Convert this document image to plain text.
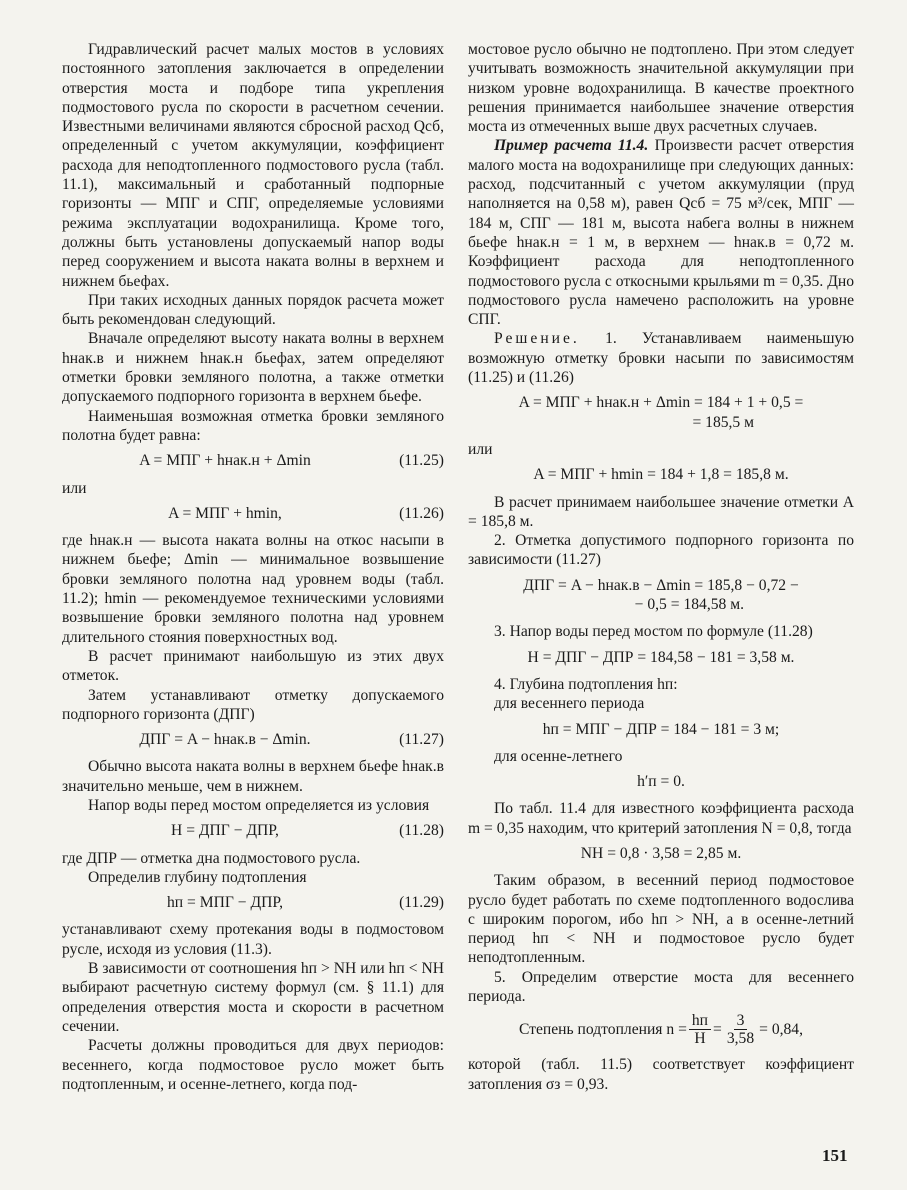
Гидравлический расчет малых мостов в условиях постоянного затопления заключается в определении отверстия моста и подборе типа укрепления подмостового русла по скорости в расчетном сечении. Известными величинами являются сбросной расход Qсб, определенный с учетом аккумуляции, коэффициент расхода для неподтопленного подмостового русла (табл. 11.1), максимальный и сработанный подпорные горизонты — МПГ и СПГ, определяемые условиями режима эксплуатации водохранилища. Кроме того, должны быть установлены допускаемый напор воды перед сооружением и высота наката волны в верхнем и нижнем бьефах.

При таких исходных данных порядок расчета может быть рекомендован следующий.

Вначале определяют высоту наката волны в верхнем hнак.в и нижнем hнак.н бьефах, затем определяют отметки бровки земляного полотна, а также отметки допускаемого подпорного горизонта в верхнем бьефе.

Наименьшая возможная отметка бровки земляного полотна будет равна:

A = МПГ + hнак.н + Δmin	(11.25)

или

A = МПГ + hmin,	(11.26)

где hнак.н — высота наката волны на откос насыпи в нижнем бьефе; Δmin — минимальное возвышение бровки земляного полотна над уровнем воды (табл. 11.2); hmin — рекомендуемое техническими условиями возвышение бровки земляного полотна над уровнем длительного стояния поверхностных вод.

В расчет принимают наибольшую из этих двух отметок.

Затем устанавливают отметку допускаемого подпорного горизонта (ДПГ)

ДПГ = A − hнак.в − Δmin.	(11.27)

Обычно высота наката волны в верхнем бьефе hнак.в значительно меньше, чем в нижнем.

Напор воды перед мостом определяется из условия

H = ДПГ − ДПР,	(11.28)

где ДПР — отметка дна подмостового русла.

Определив глубину подтопления

hп = МПГ − ДПР,	(11.29)

устанавливают схему протекания воды в подмостовом русле, исходя из условия (11.3).

В зависимости от соотношения hп > NH или hп < NH выбирают расчетную систему формул (см. § 11.1) для определения отверстия моста и скорости в расчетном сечении.

Расчеты должны проводиться для двух периодов: весеннего, когда подмостовое русло может быть подтопленным, и осенне-летнего, когда под-

мостовое русло обычно не подтоплено. При этом следует учитывать возможность значительной аккумуляции при низком уровне водохранилища. В качестве проектного решения принимается наибольшее значение отверстия моста из отмеченных выше двух расчетных случаев.

Пример расчета 11.4. Произвести расчет отверстия малого моста на водохранилище при следующих данных: расход, подсчитанный с учетом аккумуляции (пруд наполняется на 0,58 м), равен Qсб = 75 м³/сек, МПГ — 184 м, СПГ — 181 м, высота набега волны в нижнем бьефе hнак.н = 1 м, в верхнем — hнак.в = 0,72 м. Коэффициент расхода для неподтопленного подмостового русла с откосными крыльями m = 0,35. Дно подмостового русла намечено расположить на уровне СПГ.

Решение. 1. Устанавливаем наименьшую возможную отметку бровки насыпи по зависимостям (11.25) и (11.26)

A = МПГ + hнак.н + Δmin = 184 + 1 + 0,5 =
= 185,5 м

или

A = МПГ + hmin = 184 + 1,8 = 185,8 м.

В расчет принимаем наибольшее значение отметки A = 185,8 м.

2. Отметка допустимого подпорного горизонта по зависимости (11.27)

ДПГ = A − hнак.в − Δmin = 185,8 − 0,72 −
− 0,5 = 184,58 м.

3. Напор воды перед мостом по формуле (11.28)

H = ДПГ − ДПР = 184,58 − 181 = 3,58 м.

4. Глубина подтопления hп:

для весеннего периода

hп = МПГ − ДПР = 184 − 181 = 3 м;

для осенне-летнего

h′п = 0.

По табл. 11.4 для известного коэффициента расхода m = 0,35 находим, что критерий затопления N = 0,8, тогда

NH = 0,8 · 3,58 = 2,85 м.

Таким образом, в весенний период подмостовое русло будет работать по схеме подтопленного водослива с широким порогом, ибо hп > NH, а в осенне-летний период hп < NH и подмостовое русло будет неподтопленным.

5. Определим отверстие моста для весеннего периода.

Степень подтопления $n = \frac{hп}{H} = \frac{3}{3,58} = 0,84$,

которой (табл. 11.5) соответствует коэффициент затопления σз = 0,93.

151
